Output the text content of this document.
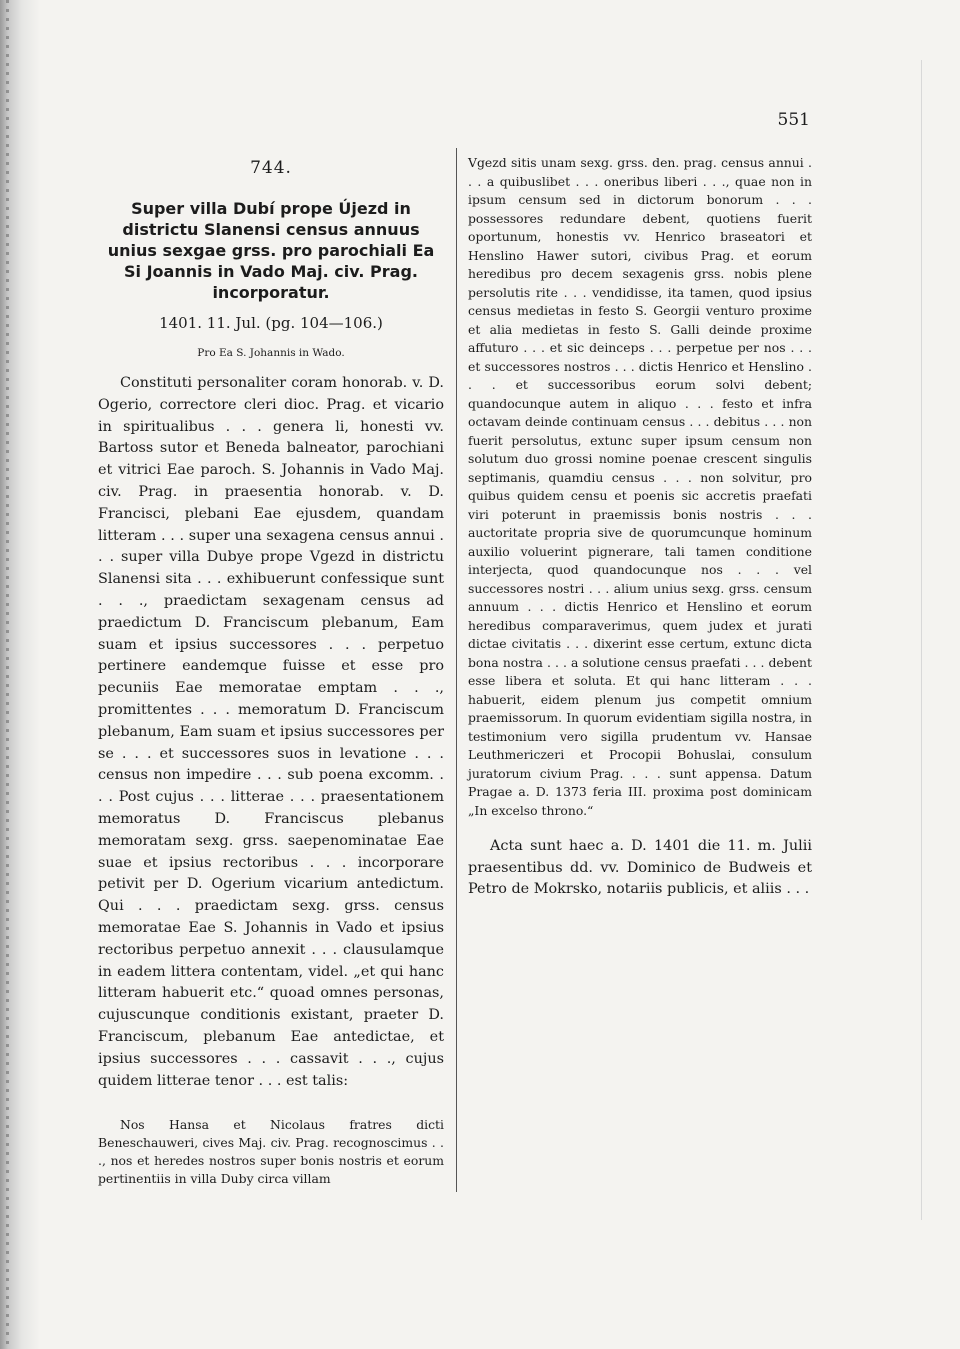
551

744.

Super villa Dubí prope Újezd in districtu Slanensi census annuus unius sexgae grss. pro parochiali Ea Si Joannis in Vado Maj. civ. Prag. incorporatur.

1401. 11. Jul. (pg. 104—106.)

Pro Ea S. Johannis in Wado.

Constituti personaliter coram honorab. v. D. Ogerio, correctore cleri dioc. Prag. et vicario in spiritualibus . . . genera li, honesti vv. Bartoss sutor et Beneda balneator, parochiani et vitrici Eae paroch. S. Johannis in Vado Maj. civ. Prag. in praesentia honorab. v. D. Francisci, plebani Eae ejusdem, quandam litteram . . . super una sexagena census annui . . . super villa Dubye prope Vgezd in districtu Slanensi sita . . . exhibuerunt confessique sunt . . ., praedictam sexagenam census ad praedictum D. Franciscum plebanum, Eam suam et ipsius successores . . . perpetuo pertinere eandemque fuisse et esse pro pecuniis Eae memoratae emptam . . ., promittentes . . . memoratum D. Franciscum plebanum, Eam suam et ipsius successores per se . . . et successores suos in levatione . . . census non impedire . . . sub poena excomm. . . . Post cujus . . . litterae . . . praesentationem memoratus D. Franciscus plebanus memoratam sexg. grss. saepenominatae Eae suae et ipsius rectoribus . . . incorporare petivit per D. Ogerium vicarium antedictum. Qui . . . praedictam sexg. grss. census memoratae Eae S. Johannis in Vado et ipsius rectoribus perpetuo annexit . . . clausulamque in eadem littera contentam, videl. „et qui hanc litteram habuerit etc.“ quoad omnes personas, cujuscunque conditionis existant, praeter D. Franciscum, plebanum Eae antedictae, et ipsius successores . . . cassavit . . ., cujus quidem litterae tenor . . . est talis:

Nos Hansa et Nicolaus fratres dicti Beneschauweri, cives Maj. civ. Prag. recognoscimus . . ., nos et heredes nostros super bonis nostris et eorum pertinentiis in villa Duby circa villam

Vgezd sitis unam sexg. grss. den. prag. census annui . . . a quibuslibet . . . oneribus liberi . . ., quae non in ipsum censum sed in dictorum bonorum . . . possessores redundare debent, quotiens fuerit oportunum, honestis vv. Henrico braseatori et Henslino Hawer sutori, civibus Prag. et eorum heredibus pro decem sexagenis grss. nobis plene persolutis rite . . . vendidisse, ita tamen, quod ipsius census medietas in festo S. Georgii venturo proxime et alia medietas in festo S. Galli deinde proxime affuturo . . . et sic deinceps . . . perpetue per nos . . . et successores nostros . . . dictis Henrico et Henslino . . . et successoribus eorum solvi debent; quandocunque autem in aliquo . . . festo et infra octavam deinde continuam census . . . debitus . . . non fuerit persolutus, extunc super ipsum censum non solutum duo grossi nomine poenae crescent singulis septimanis, quamdiu census . . . non solvitur, pro quibus quidem censu et poenis sic accretis praefati viri poterunt in praemissis bonis nostris . . . auctoritate propria sive de quorumcunque hominum auxilio voluerint pignerare, tali tamen conditione interjecta, quod quandocunque nos . . . vel successores nostri . . . alium unius sexg. grss. censum annuum . . . dictis Henrico et Henslino et eorum heredibus comparaverimus, quem judex et jurati dictae civitatis . . . dixerint esse certum, extunc dicta bona nostra . . . a solutione census praefati . . . debent esse libera et soluta. Et qui hanc litteram . . . habuerit, eidem plenum jus competit omnium praemissorum. In quorum evidentiam sigilla nostra, in testimonium vero sigilla prudentum vv. Hansae Leuthmericzeri et Procopii Bohuslai, consulum juratorum civium Prag. . . . sunt appensa. Datum Pragae a. D. 1373 feria III. proxima post dominicam „In excelso throno.“

Acta sunt haec a. D. 1401 die 11. m. Julii praesentibus dd. vv. Dominico de Budweis et Petro de Mokrsko, notariis publicis, et aliis . . .
